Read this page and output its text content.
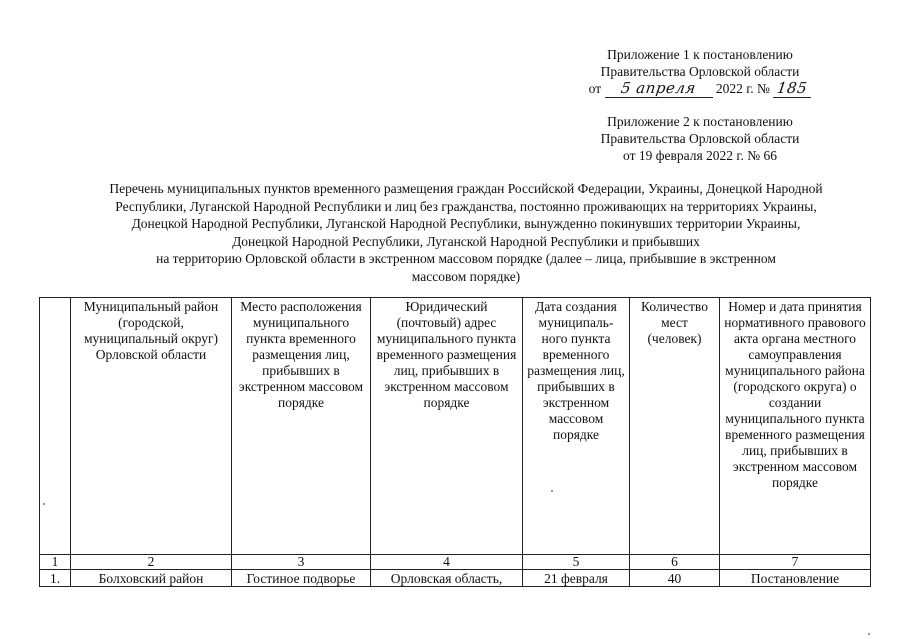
Приложение 1 к постановлению
Правительства Орловской области
от 5 апреля 2022 г. № 185
Приложение 2 к постановлению
Правительства Орловской области
от 19 февраля 2022 г. № 66
Перечень муниципальных пунктов временного размещения граждан Российской Федерации, Украины, Донецкой Народной
Республики, Луганской Народной Республики и лиц без гражданства, постоянно проживающих на территориях Украины,
Донецкой Народной Республики, Луганской Народной Республики, вынужденно покинувших территории Украины,
Донецкой Народной Республики, Луганской Народной Республики и прибывших
на территорию Орловской области в экстренном массовом порядке (далее – лица, прибывшие в экстренном
массовом порядке)
	Муниципальный район (городской, муниципальный округ) Орловской области	Место расположения муниципального пункта временного размещения лиц, прибывших в экстренном массовом порядке	Юридический (почтовый) адрес муниципального пункта временного размещения лиц, прибывших в экстренном массовом порядке	Дата создания муниципаль-ного пункта временного размещения лиц, прибывших в экстренном массовом порядке	Количество мест (человек)	Номер и дата принятия нормативного правового акта органа местного самоуправления муниципального района (городского округа) о создании муниципального пункта временного размещения лиц, прибывших в экстренном массовом порядке
1	2	3	4	5	6	7
1.	Болховский район	Гостиное подворье	Орловская область,	21 февраля	40	Постановление
